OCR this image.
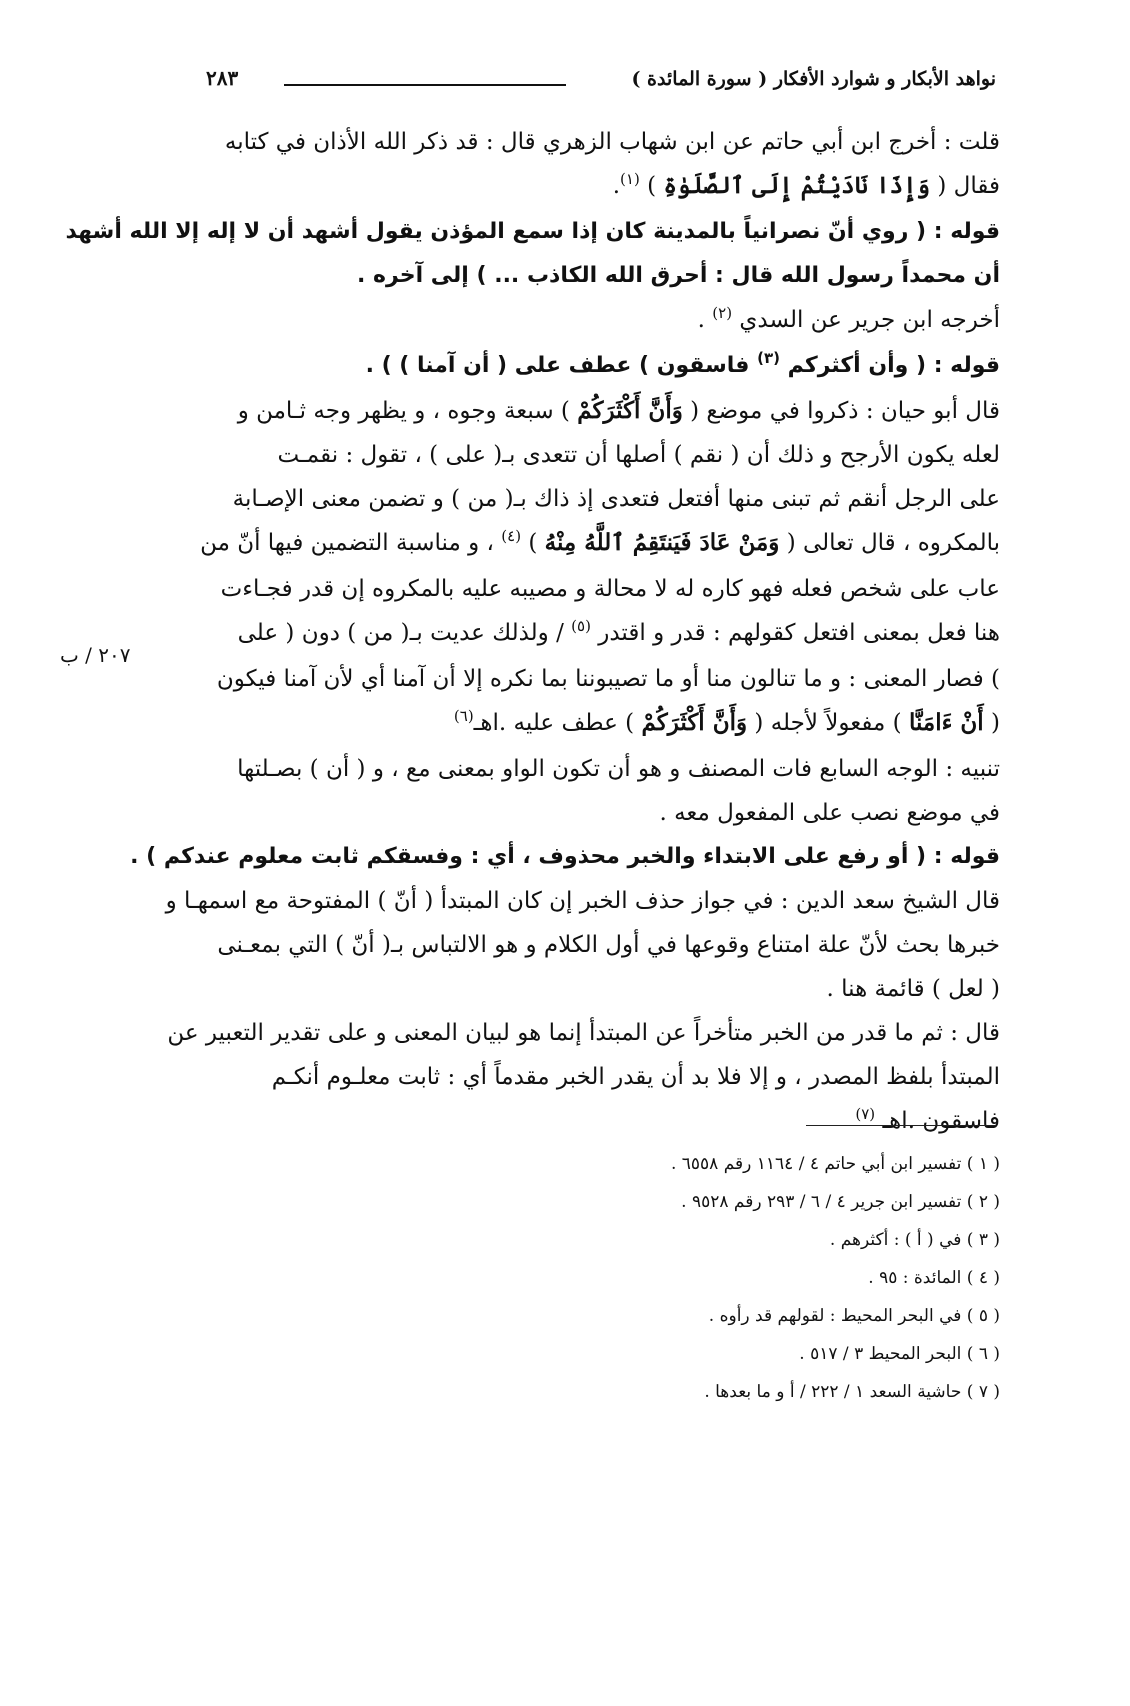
نواهد الأبكار و شوارد الأفكار ( سورة المائدة )
٢٨٣
قلت : أخرج ابن أبي حاتم عن ابن شهاب الزهري قال : قد ذكر الله الأذان في كتابه
فقال ( وَإِذَا نَادَيْتُمْ إِلَى ٱلصَّلَوٰةِ ) $^{(١)}$.
قوله : ( روي أنّ نصرانياً بالمدينة كان إذا سمع المؤذن يقول أشهد أن لا إله إلا الله أشهد
أن محمداً رسول الله قال : أحرق الله الكاذب ... ) إلى آخره .
أخرجه ابن جرير عن السدي $^{(٢)}$ .
قوله : ( وأن أكثركم $^{(٣)}$ فاسقون ) عطف على ( أن آمنا ) ) .
قال أبو حيان : ذكروا في موضع ( وَأَنَّ أَكْثَرَكُمْ ) سبعة وجوه ، و يظهر وجه ثـامن و
لعله يكون الأرجح و ذلك أن ( نقم ) أصلها أن تتعدى بـ( على ) ، تقول : نقمـت
على الرجل أنقم ثم تبنى منها أفتعل فتعدى إذ ذاك بـ( من ) و تضمن معنى الإصـابة
بالمكروه ، قال تعالى ( وَمَنْ عَادَ فَيَنتَقِمُ ٱللَّهُ مِنْهُ ) $^{(٤)}$ ، و مناسبة التضمين فيها أنّ من
عاب على شخص فعله فهو كاره له لا محالة و مصيبه عليه بالمكروه إن قدر فجـاءت
هنا فعل بمعنى افتعل كقولهم : قدر و اقتدر $^{(٥)}$ / ولذلك عديت بـ( من ) دون ( على
) فصار المعنى : و ما تنالون منا أو ما تصيبوننا بما نكره إلا أن آمنا أي لأن آمنا فيكون
( أَنْ ءَامَنَّا ) مفعولاً لأجله ( وَأَنَّ أَكْثَرَكُمْ ) عطف عليه .اهـ$^{(٦)}$
تنبيه : الوجه السابع فات المصنف و هو أن تكون الواو بمعنى مع ، و ( أن ) بصـلتها
في موضع نصب على المفعول معه .
قوله : ( أو رفع على الابتداء والخبر محذوف ، أي : وفسقكم ثابت معلوم عندكم ) .
قال الشيخ سعد الدين : في جواز حذف الخبر إن كان المبتدأ ( أنّ ) المفتوحة مع اسمهـا و
خبرها بحث لأنّ علة امتناع وقوعها في أول الكلام و هو الالتباس بـ( أنّ ) التي بمعـنى
( لعل ) قائمة هنا .
قال : ثم ما قدر من الخبر متأخراً عن المبتدأ إنما هو لبيان المعنى و على تقدير التعبير عن
المبتدأ بلفظ المصدر ، و إلا فلا بد أن يقدر الخبر مقدماً أي : ثابت معلـوم أنكـم
فاسقون .اهـ $^{(٧)}$
٢٠٧ / ب
( ١ ) تفسير ابن أبي حاتم ٤ / ١١٦٤ رقم ٦٥٥٨ .
( ٢ ) تفسير ابن جرير ٤ / ٦ / ٢٩٣ رقم ٩٥٢٨ .
( ٣ ) في ( أ ) : أكثرهم .
( ٤ ) المائدة : ٩٥ .
( ٥ ) في البحر المحيط : لقولهم قد رأوه .
( ٦ ) البحر المحيط ٣ / ٥١٧ .
( ٧ ) حاشية السعد ١ / ٢٢٢ / أ و ما بعدها .
